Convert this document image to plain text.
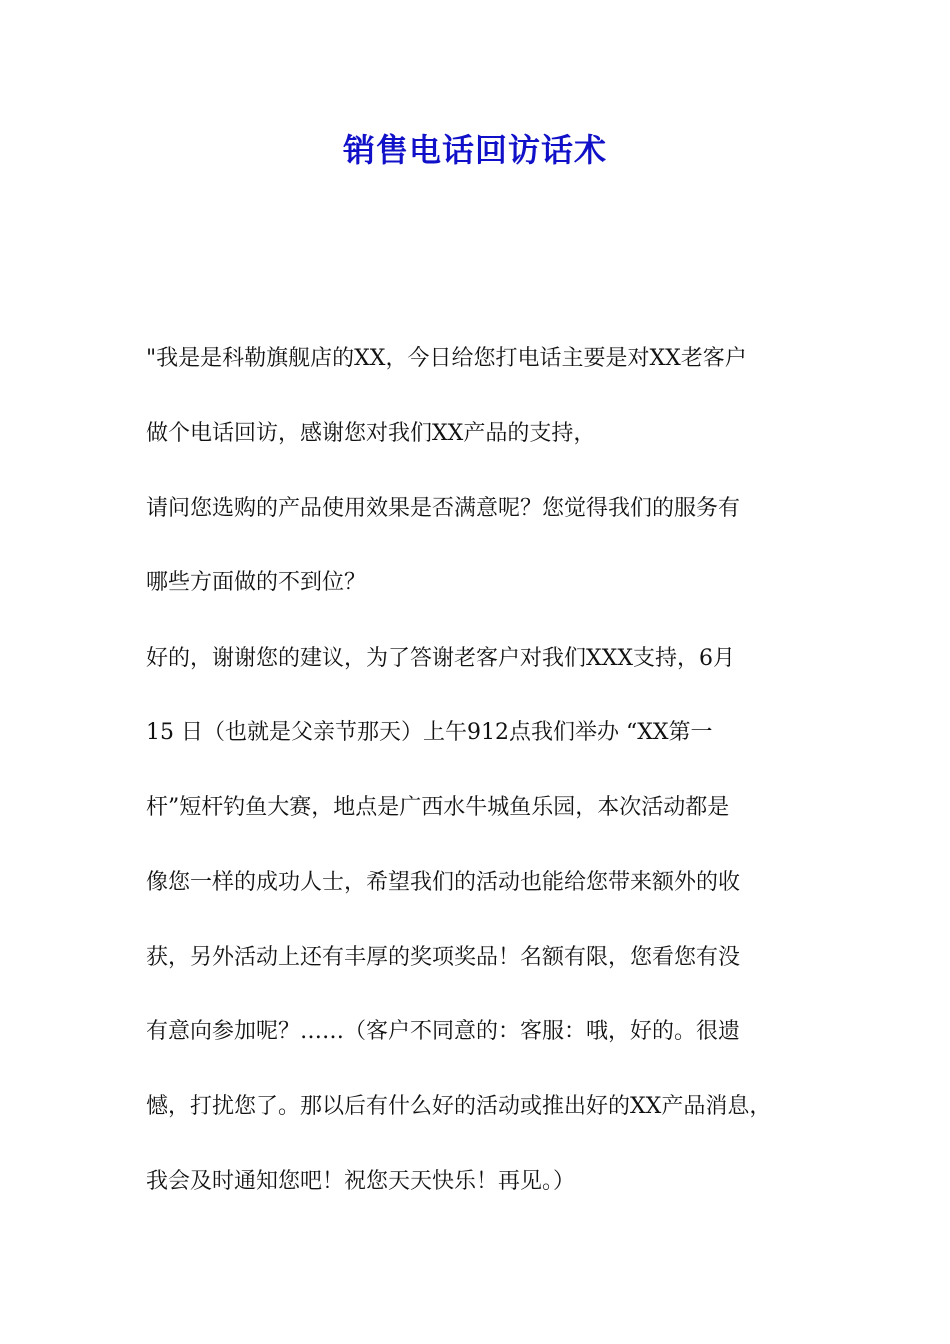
销售电话回访话术
"我是是科勒旗舰店的XX，今日给您打电话主要是对XX老客户
做个电话回访，感谢您对我们XX产品的支持，
请问您选购的产品使用效果是否满意呢？您觉得我们的服务有
哪些方面做的不到位？
好的，谢谢您的建议，为了答谢老客户对我们XXX支持，6月
15 日（也就是父亲节那天）上午912点我们举办 “XX第一
杆”短杆钓鱼大赛，地点是广西水牛城鱼乐园，本次活动都是
像您一样的成功人士，希望我们的活动也能给您带来额外的收
获，另外活动上还有丰厚的奖项奖品！名额有限，您看您有没
有意向参加呢？……（客户不同意的：客服：哦，好的。很遗
憾，打扰您了。那以后有什么好的活动或推出好的XX产品消息，
我会及时通知您吧！祝您天天快乐！再见。）
